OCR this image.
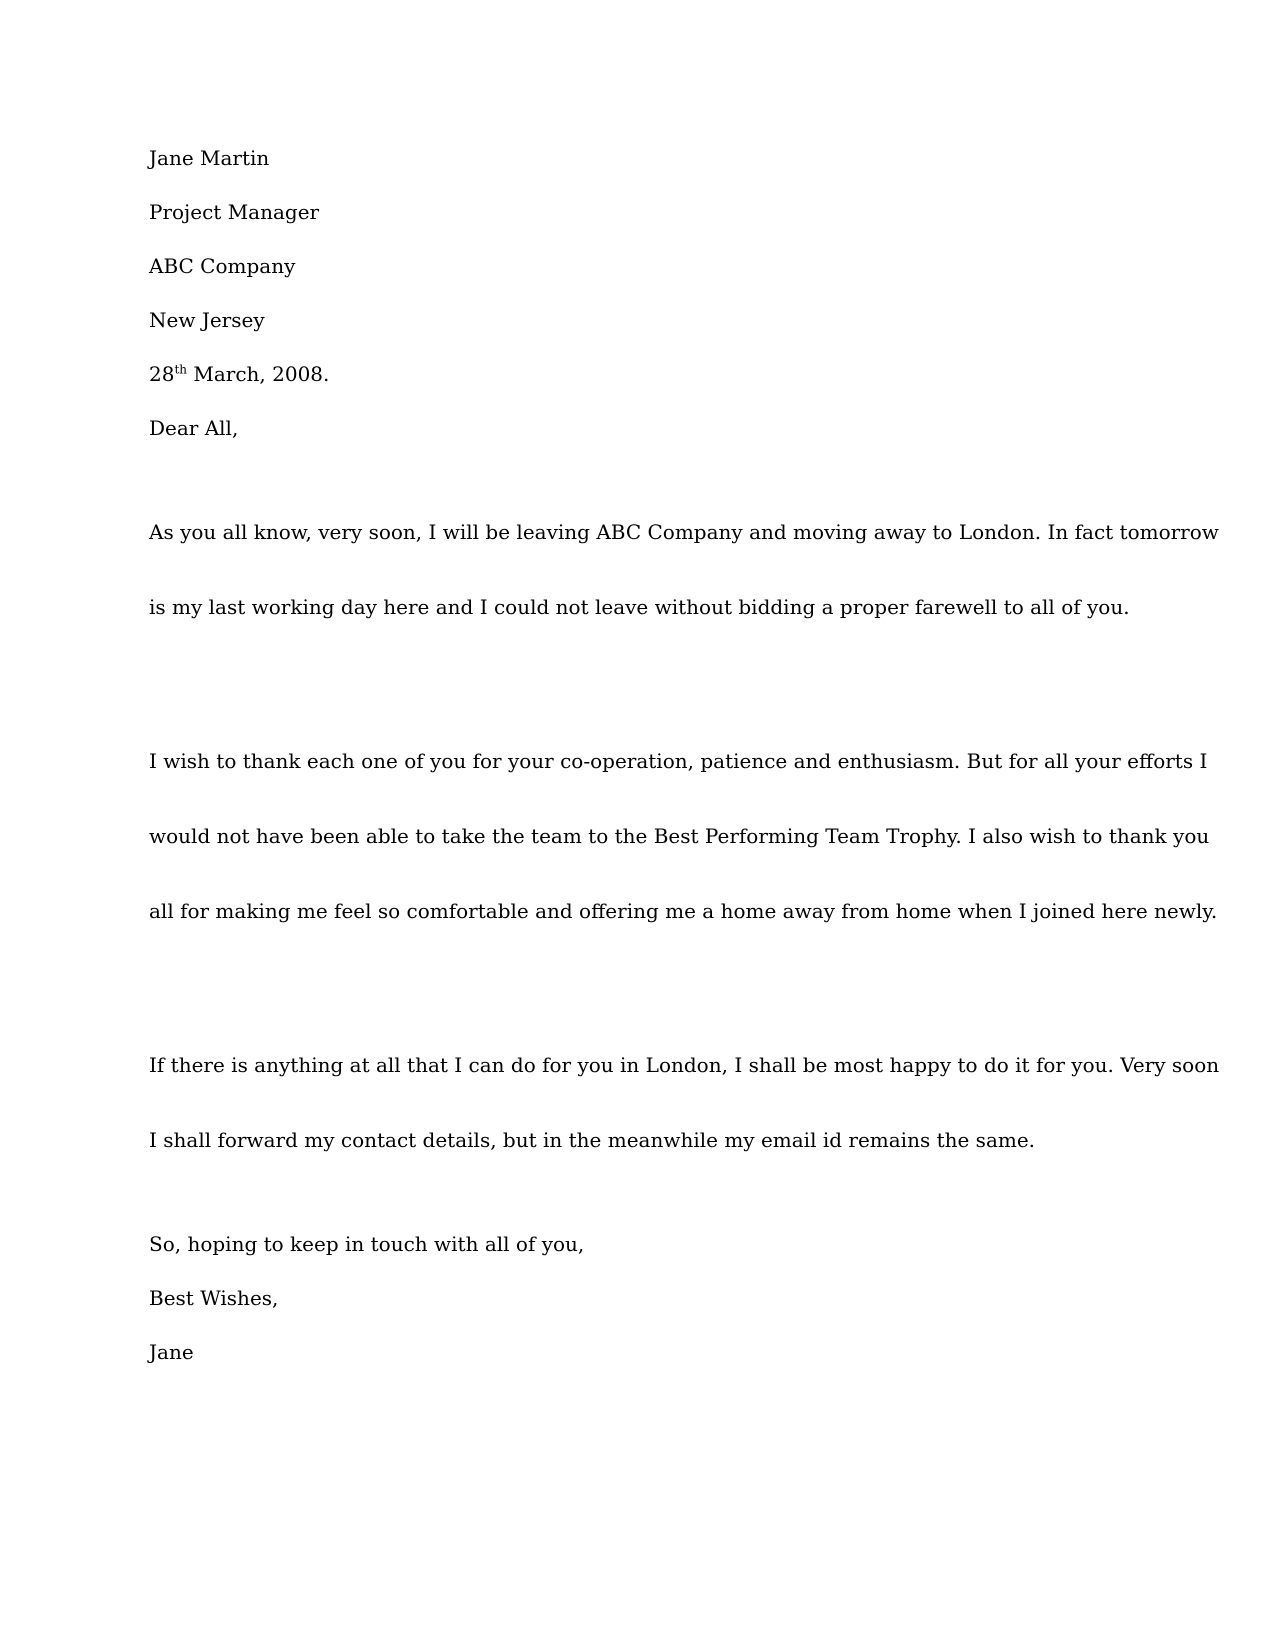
Jane Martin
Project Manager
ABC Company
New Jersey
28th March, 2008.
Dear All,

As you all know, very soon, I will be leaving ABC Company and moving away to London. In fact tomorrow

is my last working day here and I could not leave without bidding a proper farewell to all of you.

I wish to thank each one of you for your co-operation, patience and enthusiasm. But for all your efforts I

would not have been able to take the team to the Best Performing Team Trophy. I also wish to thank you

all for making me feel so comfortable and offering me a home away from home when I joined here newly.

If there is anything at all that I can do for you in London, I shall be most happy to do it for you. Very soon

I shall forward my contact details, but in the meanwhile my email id remains the same.

So, hoping to keep in touch with all of you,
Best Wishes,
Jane
